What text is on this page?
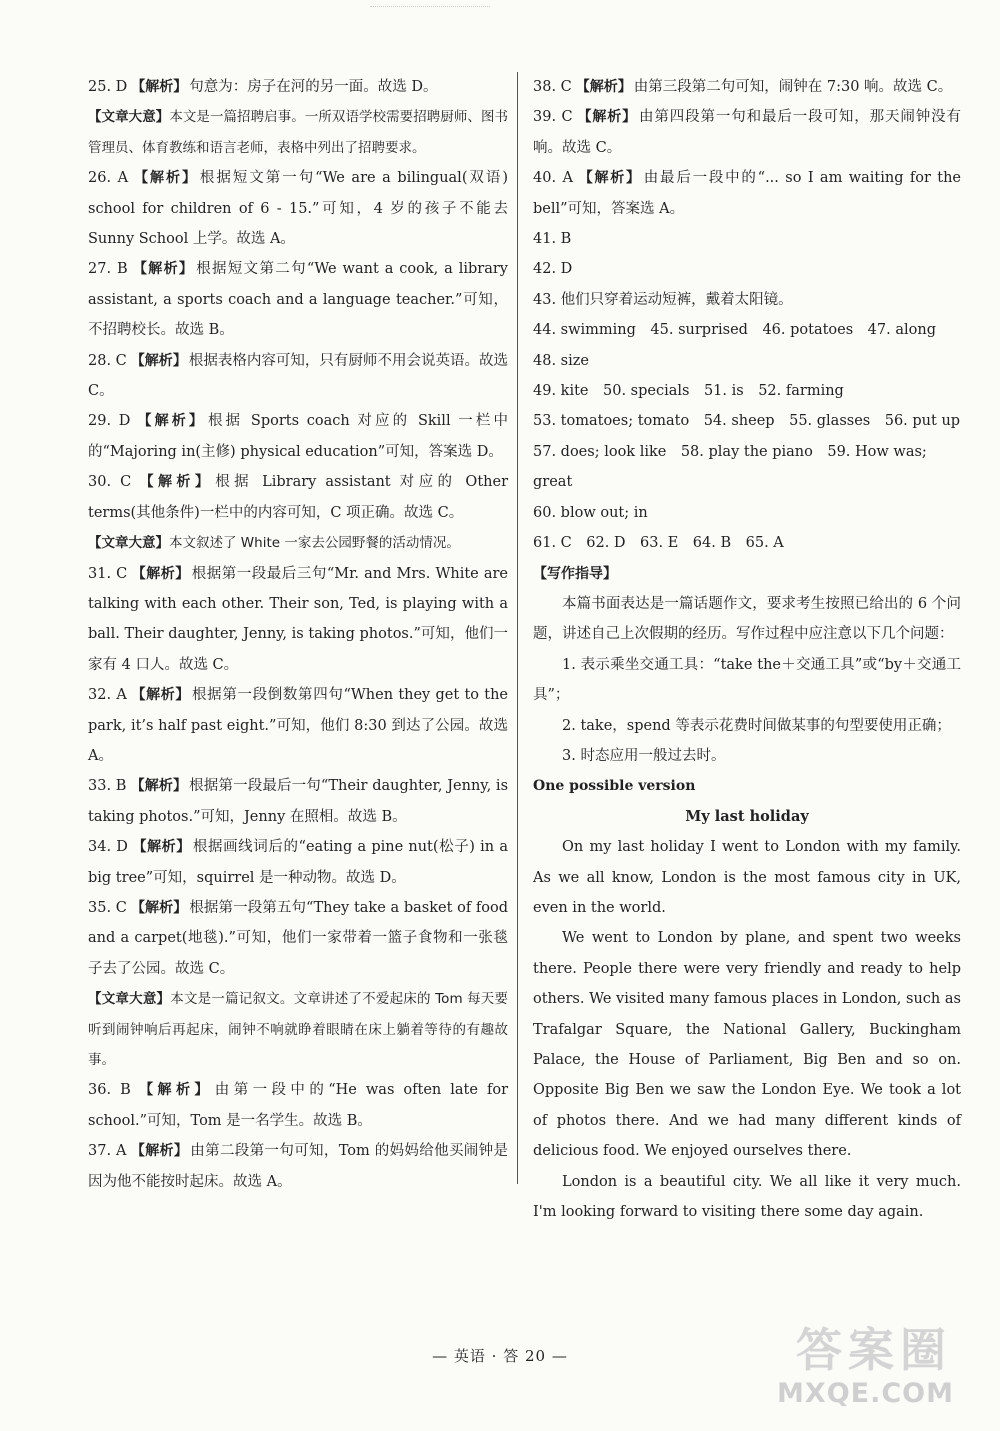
25. D 【解析】 句意为：房子在河的另一面。故选 D。
【文章大意】本文是一篇招聘启事。一所双语学校需要招聘厨师、图书管理员、体育教练和语言老师，表格中列出了招聘要求。
26. A 【解析】 根据短文第一句“We are a bilingual(双语) school for children of 6 - 15.”可知，4 岁的孩子不能去 Sunny School 上学。故选 A。
27. B 【解析】 根据短文第二句“We want a cook, a library assistant, a sports coach and a language teacher.”可知，不招聘校长。故选 B。
28. C 【解析】 根据表格内容可知，只有厨师不用会说英语。故选 C。
29. D 【解析】 根据 Sports coach 对应的 Skill 一栏中的“Majoring in(主修) physical education”可知，答案选 D。
30. C 【解析】 根据 Library assistant 对应的 Other terms(其他条件)一栏中的内容可知，C 项正确。故选 C。
【文章大意】本文叙述了 White 一家去公园野餐的活动情况。
31. C 【解析】 根据第一段最后三句“Mr. and Mrs. White are talking with each other. Their son, Ted, is playing with a ball. Their daughter, Jenny, is taking photos.”可知，他们一家有 4 口人。故选 C。
32. A 【解析】 根据第一段倒数第四句“When they get to the park, it’s half past eight.”可知，他们 8:30 到达了公园。故选 A。
33. B 【解析】 根据第一段最后一句“Their daughter, Jenny, is taking photos.”可知，Jenny 在照相。故选 B。
34. D 【解析】 根据画线词后的“eating a pine nut(松子) in a big tree”可知，squirrel 是一种动物。故选 D。
35. C 【解析】 根据第一段第五句“They take a basket of food and a carpet(地毯).”可知，他们一家带着一篮子食物和一张毯子去了公园。故选 C。
【文章大意】本文是一篇记叙文。文章讲述了不爱起床的 Tom 每天要听到闹钟响后再起床，闹钟不响就睁着眼睛在床上躺着等待的有趣故事。
36. B 【解析】 由第一段中的“He was often late for school.”可知，Tom 是一名学生。故选 B。
37. A 【解析】 由第二段第一句可知，Tom 的妈妈给他买闹钟是因为他不能按时起床。故选 A。
38. C 【解析】 由第三段第二句可知，闹钟在 7:30 响。故选 C。
39. C 【解析】 由第四段第一句和最后一段可知，那天闹钟没有响。故选 C。
40. A 【解析】 由最后一段中的“... so I am waiting for the bell”可知，答案选 A。
41. B
42. D
43. 他们只穿着运动短裤，戴着太阳镜。
44. swimming　45. surprised　46. potatoes　47. along　48. size
49. kite　50. specials　51. is　52. farming
53. tomatoes; tomato　54. sheep　55. glasses　56. put up
57. does; look like　58. play the piano　59. How was; great
60. blow out; in
61. C　62. D　63. E　64. B　65. A
【写作指导】
本篇书面表达是一篇话题作文，要求考生按照已给出的 6 个问题，讲述自己上次假期的经历。写作过程中应注意以下几个问题：
1. 表示乘坐交通工具：“take the＋交通工具”或“by＋交通工具”；
2. take，spend 等表示花费时间做某事的句型要使用正确；
3. 时态应用一般过去时。
One possible version
My last holiday
On my last holiday I went to London with my family. As we all know, London is the most famous city in UK, even in the world.
We went to London by plane, and spent two weeks there. People there were very friendly and ready to help others. We visited many famous places in London, such as Trafalgar Square, the National Gallery, Buckingham Palace, the House of Parliament, Big Ben and so on. Opposite Big Ben we saw the London Eye. We took a lot of photos there. And we had many different kinds of delicious food. We enjoyed ourselves there.
London is a beautiful city. We all like it very much. I'm looking forward to visiting there some day again.
— 英语 · 答 20 —	答案圈
MXQE.COM
